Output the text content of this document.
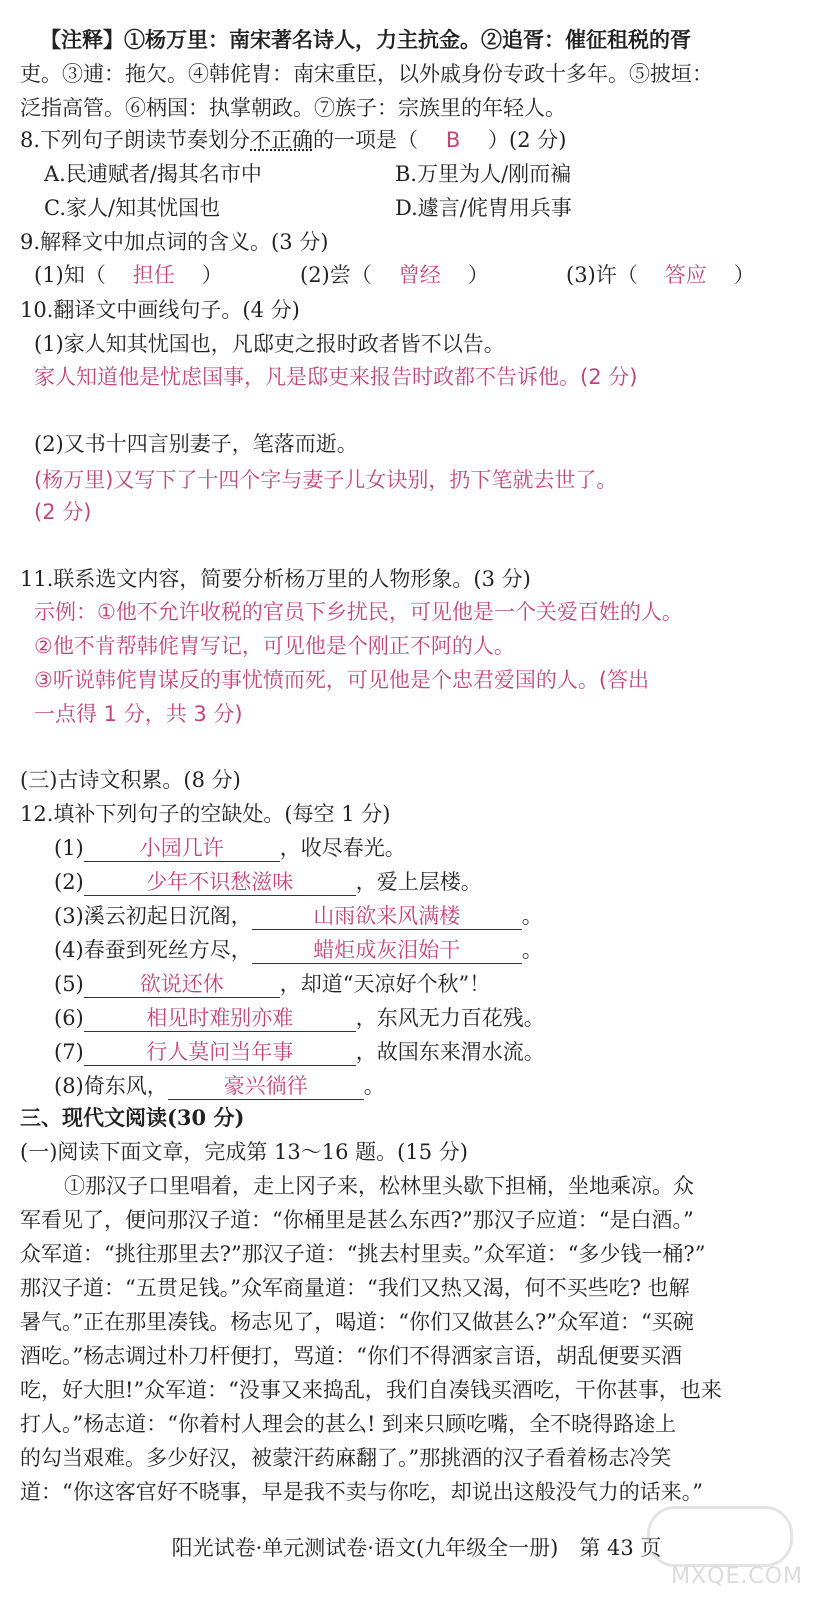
【注释】①杨万里：南宋著名诗人，力主抗金。②追胥：催征租税的胥
吏。③逋：拖欠。④韩侂胄：南宋重臣，以外戚身份专政十多年。⑤披垣：
泛指高管。⑥柄国：执掌朝政。⑦族子：宗族里的年轻人。
8.下列句子朗读节奏划分不正确的一项是（ B ）(2 分)
A.民逋赋者/揭其名市中	B.万里为人/刚而褊
C.家人/知其忧国也	D.遽言/侂胄用兵事
9.解释文中加点词的含义。(3 分)
(1)知（ 担任 ）	(2)尝（ 曾经 ）	(3)许（ 答应 ）
10.翻译文中画线句子。(4 分)
(1)家人知其忧国也，凡邸吏之报时政者皆不以告。
家人知道他是忧虑国事，凡是邸吏来报告时政都不告诉他。(2 分)
(2)又书十四言别妻子，笔落而逝。
(杨万里)又写下了十四个字与妻子儿女诀别，扔下笔就去世了。
(2 分)
11.联系选文内容，简要分析杨万里的人物形象。(3 分)
示例：①他不允许收税的官员下乡扰民，可见他是一个关爱百姓的人。
②他不肯帮韩侂胄写记，可见他是个刚正不阿的人。
③听说韩侂胄谋反的事忧愤而死，可见他是个忠君爱国的人。(答出
一点得 1 分，共 3 分)
(三)古诗文积累。(8 分)
12.填补下列句子的空缺处。(每空 1 分)
(1)	小园几许	，收尽春光。
(2)	少年不识愁滋味	，爱上层楼。
(3)溪云初起日沉阁，	山雨欲来风满楼	。
(4)春蚕到死丝方尽，	蜡炬成灰泪始干	。
(5)	欲说还休	，却道“天凉好个秋”！
(6)	相见时难别亦难	，东风无力百花残。
(7)	行人莫问当年事	，故国东来渭水流。
(8)倚东风，	豪兴徜徉	。
三、现代文阅读(30 分)
(一)阅读下面文章，完成第 13～16 题。(15 分)
①那汉子口里唱着，走上冈子来，松林里头歇下担桶，坐地乘凉。众
军看见了，便问那汉子道：“你桶里是甚么东西?”那汉子应道：“是白酒。”
众军道：“挑往那里去?”那汉子道：“挑去村里卖。”众军道：“多少钱一桶?”
那汉子道：“五贯足钱。”众军商量道：“我们又热又渴，何不买些吃? 也解
暑气。”正在那里凑钱。杨志见了，喝道：“你们又做甚么?”众军道：“买碗
酒吃。”杨志调过朴刀杆便打，骂道：“你们不得洒家言语，胡乱便要买酒
吃，好大胆!”众军道：“没事又来捣乱，我们自凑钱买酒吃，干你甚事，也来
打人。”杨志道：“你着村人理会的甚么! 到来只顾吃嘴，全不晓得路途上
的勾当艰难。多少好汉，被蒙汗药麻翻了。”那挑酒的汉子看着杨志冷笑
道：“你这客官好不晓事，早是我不卖与你吃，却说出这般没气力的话来。”
阳光试卷·单元测试卷·语文(九年级全一册)　第 43 页
MXQE.COM
